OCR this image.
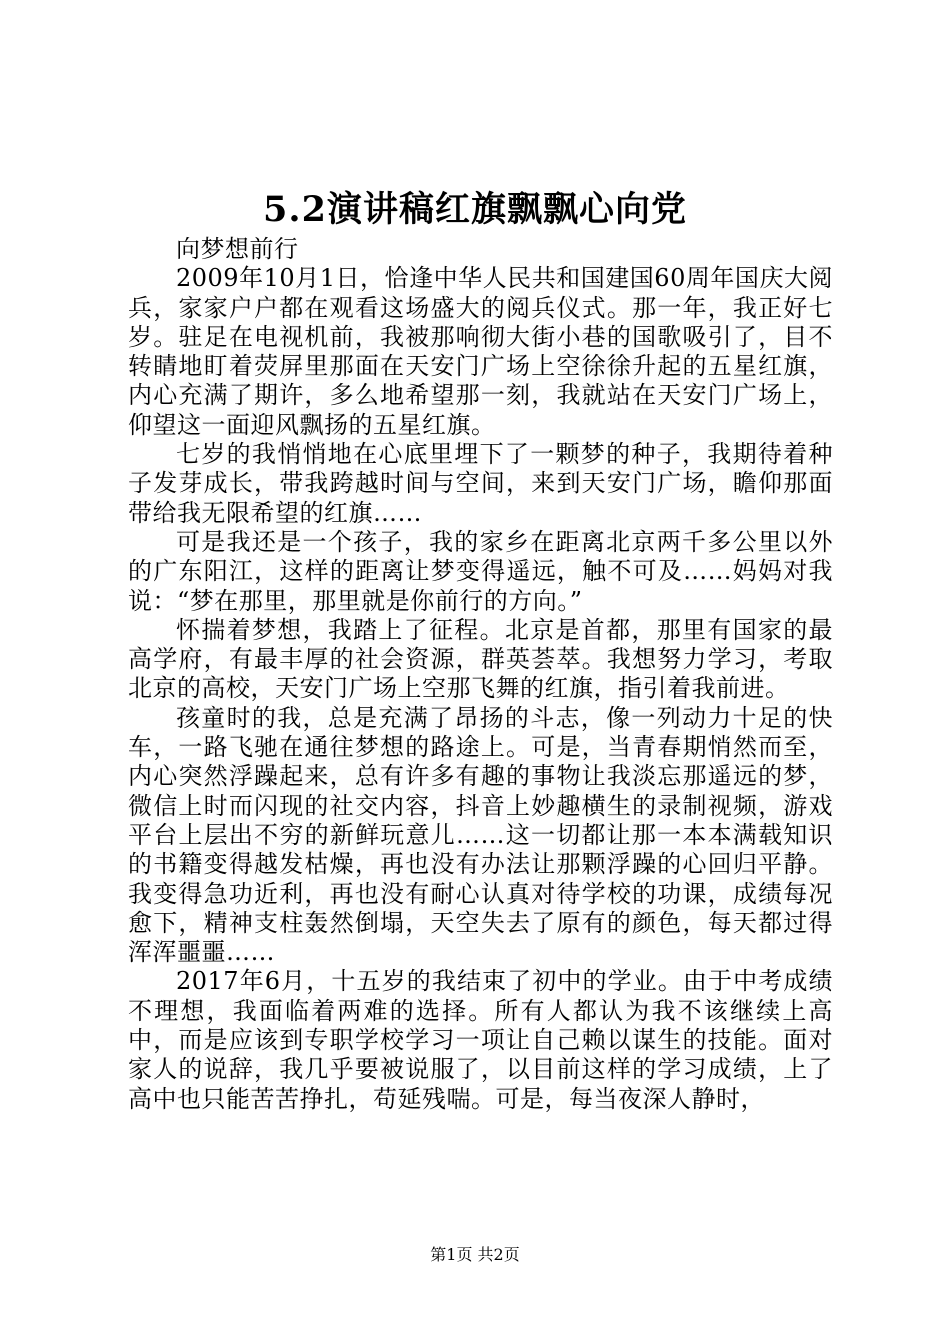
5.2演讲稿红旗飘飘心向党

向梦想前行

2009年10月1日，恰逢中华人民共和国建国60周年国庆大阅兵，家家户户都在观看这场盛大的阅兵仪式。那一年，我正好七岁。驻足在电视机前，我被那响彻大街小巷的国歌吸引了，目不转睛地盯着荧屏里那面在天安门广场上空徐徐升起的五星红旗，内心充满了期许，多么地希望那一刻，我就站在天安门广场上，仰望这一面迎风飘扬的五星红旗。

七岁的我悄悄地在心底里埋下了一颗梦的种子，我期待着种子发芽成长，带我跨越时间与空间，来到天安门广场，瞻仰那面带给我无限希望的红旗……

可是我还是一个孩子，我的家乡在距离北京两千多公里以外的广东阳江，这样的距离让梦变得遥远，触不可及……妈妈对我说：“梦在那里，那里就是你前行的方向。”

怀揣着梦想，我踏上了征程。北京是首都，那里有国家的最高学府，有最丰厚的社会资源，群英荟萃。我想努力学习，考取北京的高校，天安门广场上空那飞舞的红旗，指引着我前进。

孩童时的我，总是充满了昂扬的斗志，像一列动力十足的快车，一路飞驰在通往梦想的路途上。可是，当青春期悄然而至，内心突然浮躁起来，总有许多有趣的事物让我淡忘那遥远的梦，微信上时而闪现的社交内容，抖音上妙趣横生的录制视频，游戏平台上层出不穷的新鲜玩意儿……这一切都让那一本本满载知识的书籍变得越发枯燥，再也没有办法让那颗浮躁的心回归平静。我变得急功近利，再也没有耐心认真对待学校的功课，成绩每况愈下，精神支柱轰然倒塌，天空失去了原有的颜色，每天都过得浑浑噩噩……

2017年6月，十五岁的我结束了初中的学业。由于中考成绩不理想，我面临着两难的选择。所有人都认为我不该继续上高中，而是应该到专职学校学习一项让自己赖以谋生的技能。面对家人的说辞，我几乎要被说服了，以目前这样的学习成绩，上了高中也只能苦苦挣扎，苟延残喘。可是，每当夜深人静时，

第1页 共2页
